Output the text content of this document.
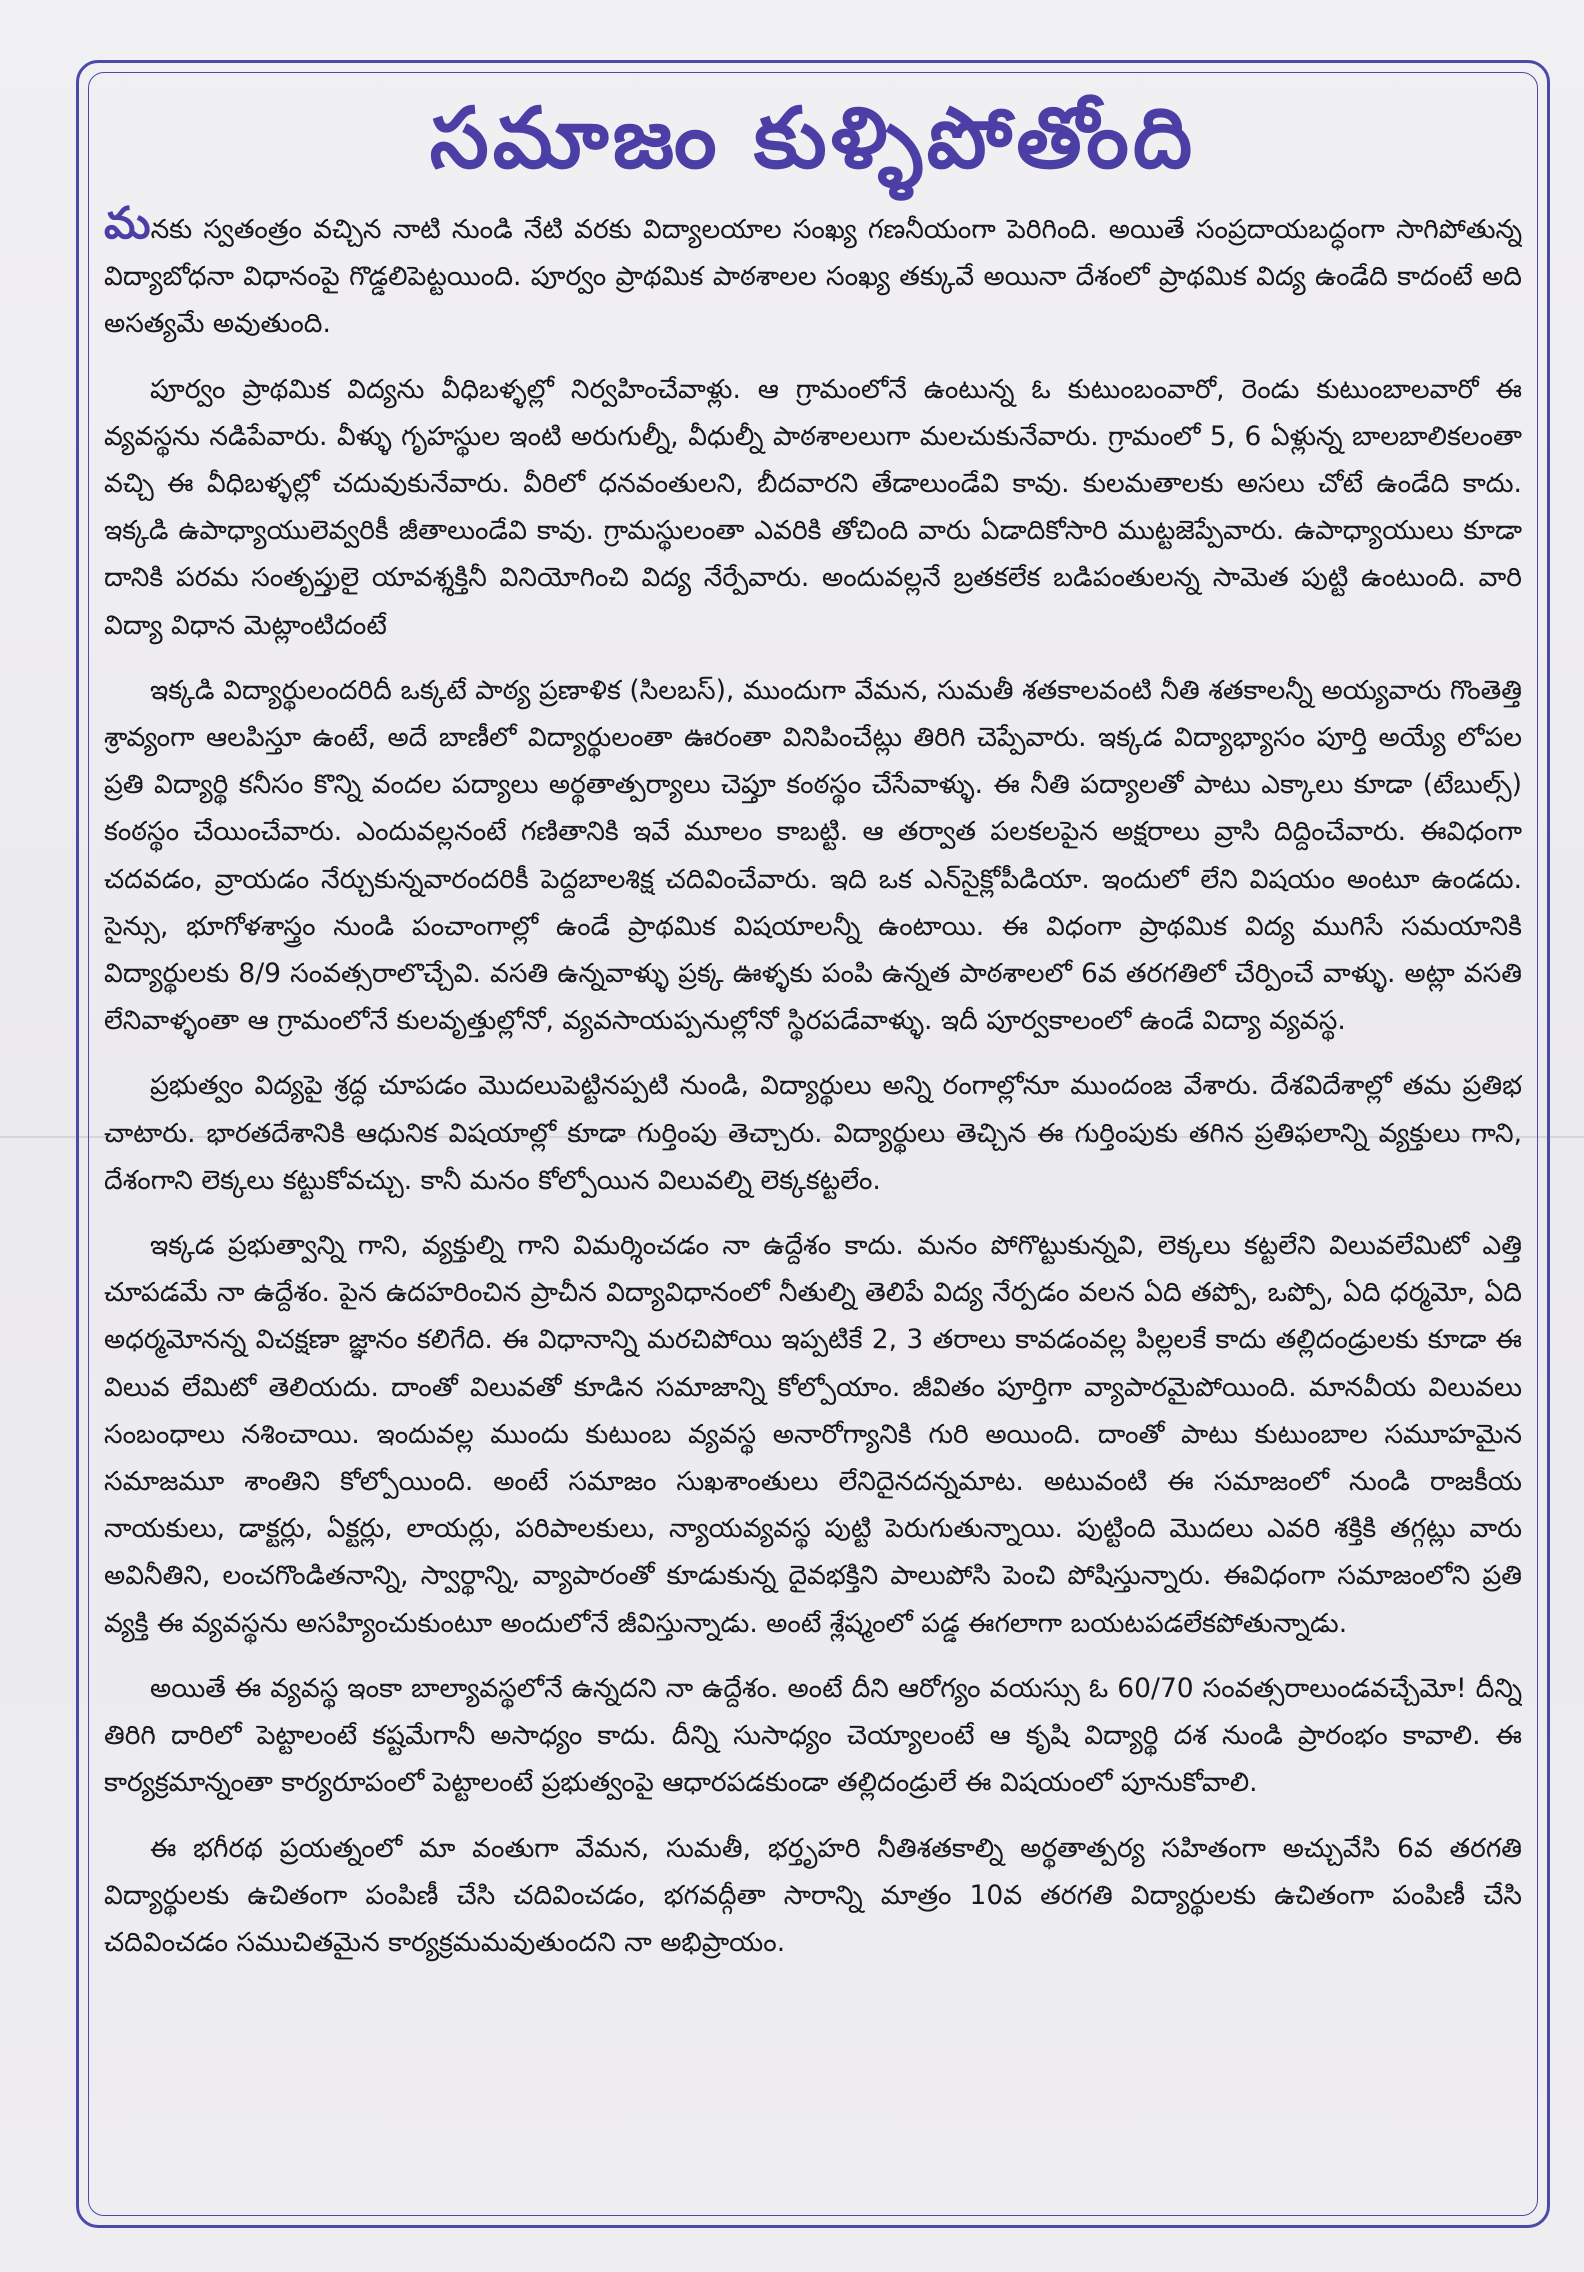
సమాజం కుళ్ళిపోతోంది

మనకు స్వతంత్రం వచ్చిన నాటి నుండి నేటి వరకు విద్యాలయాల సంఖ్య గణనీయంగా పెరిగింది. అయితే సంప్రదాయబద్ధంగా సాగిపోతున్న విద్యాబోధనా విధానంపై గొడ్డలిపెట్టయింది. పూర్వం ప్రాథమిక పాఠశాలల సంఖ్య తక్కువే అయినా దేశంలో ప్రాథమిక విద్య ఉండేది కాదంటే అది అసత్యమే అవుతుంది.

పూర్వం ప్రాథమిక విద్యను వీధిబళ్ళల్లో నిర్వహించేవాళ్లు. ఆ గ్రామంలోనే ఉంటున్న ఓ కుటుంబంవారో, రెండు కుటుంబాలవారో ఈ వ్యవస్థను నడిపేవారు. వీళ్ళు గృహస్థుల ఇంటి అరుగుల్నీ, వీధుల్నీ పాఠశాలలుగా మలచుకునేవారు. గ్రామంలో 5, 6 ఏళ్లున్న బాలబాలికలంతా వచ్చి ఈ వీధిబళ్ళల్లో చదువుకునేవారు. వీరిలో ధనవంతులని, బీదవారని తేడాలుండేవి కావు. కులమతాలకు అసలు చోటే ఉండేది కాదు. ఇక్కడి ఉపాధ్యాయులెవ్వరికీ జీతాలుండేవి కావు. గ్రామస్థులంతా ఎవరికి తోచింది వారు ఏడాదికోసారి ముట్టజెప్పేవారు. ఉపాధ్యాయులు కూడా దానికి పరమ సంతృప్తులై యావశ్శక్తినీ వినియోగించి విద్య నేర్పేవారు. అందువల్లనే బ్రతకలేక బడిపంతులన్న సామెత పుట్టి ఉంటుంది. వారి విద్యా విధాన మెట్లాంటిదంటే

ఇక్కడి విద్యార్థులందరిదీ ఒక్కటే పాఠ్య ప్రణాళిక (సిలబస్), ముందుగా వేమన, సుమతీ శతకాలవంటి నీతి శతకాలన్నీ అయ్యవారు గొంతెత్తి శ్రావ్యంగా ఆలపిస్తూ ఉంటే, అదే బాణీలో విద్యార్థులంతా ఊరంతా వినిపించేట్లు తిరిగి చెప్పేవారు. ఇక్కడ విద్యాభ్యాసం పూర్తి అయ్యే లోపల ప్రతి విద్యార్థి కనీసం కొన్ని వందల పద్యాలు అర్థతాత్పర్యాలు చెప్తూ కంఠస్థం చేసేవాళ్ళు. ఈ నీతి పద్యాలతో పాటు ఎక్కాలు కూడా (టేబుల్స్) కంఠస్థం చేయించేవారు. ఎందువల్లనంటే గణితానికి ఇవే మూలం కాబట్టి. ఆ తర్వాత పలకలపైన అక్షరాలు వ్రాసి దిద్దించేవారు. ఈవిధంగా చదవడం, వ్రాయడం నేర్చుకున్నవారందరికీ పెద్దబాలశిక్ష చదివించేవారు. ఇది ఒక ఎన్‌సైక్లోపీడియా. ఇందులో లేని విషయం అంటూ ఉండదు. సైన్సు, భూగోళశాస్త్రం నుండి పంచాంగాల్లో ఉండే ప్రాథమిక విషయాలన్నీ ఉంటాయి. ఈ విధంగా ప్రాథమిక విద్య ముగిసే సమయానికి విద్యార్థులకు 8/9 సంవత్సరాలొచ్చేవి. వసతి ఉన్నవాళ్ళు ప్రక్క ఊళ్ళకు పంపి ఉన్నత పాఠశాలలో 6వ తరగతిలో చేర్పించే వాళ్ళు. అట్లా వసతి లేనివాళ్ళంతా ఆ గ్రామంలోనే కులవృత్తుల్లోనో, వ్యవసాయప్పనుల్లోనో స్థిరపడేవాళ్ళు. ఇదీ పూర్వకాలంలో ఉండే విద్యా వ్యవస్థ.

ప్రభుత్వం విద్యపై శ్రద్ధ చూపడం మొదలుపెట్టినప్పటి నుండి, విద్యార్థులు అన్ని రంగాల్లోనూ ముందంజ వేశారు. దేశవిదేశాల్లో తమ ప్రతిభ చాటారు. భారతదేశానికి ఆధునిక విషయాల్లో కూడా గుర్తింపు తెచ్చారు. విద్యార్థులు తెచ్చిన ఈ గుర్తింపుకు తగిన ప్రతిఫలాన్ని వ్యక్తులు గాని, దేశంగాని లెక్కలు కట్టుకోవచ్చు. కానీ మనం కోల్పోయిన విలువల్ని లెక్కకట్టలేం.

ఇక్కడ ప్రభుత్వాన్ని గాని, వ్యక్తుల్ని గాని విమర్శించడం నా ఉద్దేశం కాదు. మనం పోగొట్టుకున్నవి, లెక్కలు కట్టలేని విలువలేమిటో ఎత్తి చూపడమే నా ఉద్దేశం. పైన ఉదహరించిన ప్రాచీన విద్యావిధానంలో నీతుల్ని తెలిపే విద్య నేర్పడం వలన ఏది తప్పో, ఒప్పో, ఏది ధర్మమో, ఏది అధర్మమోనన్న విచక్షణా జ్ఞానం కలిగేది. ఈ విధానాన్ని మరచిపోయి ఇప్పటికే 2, 3 తరాలు కావడంవల్ల పిల్లలకే కాదు తల్లిదండ్రులకు కూడా ఈ విలువ లేమిటో తెలియదు. దాంతో విలువతో కూడిన సమాజాన్ని కోల్పోయాం. జీవితం పూర్తిగా వ్యాపారమైపోయింది. మానవీయ విలువలు సంబంధాలు నశించాయి. ఇందువల్ల ముందు కుటుంబ వ్యవస్థ అనారోగ్యానికి గురి అయింది. దాంతో పాటు కుటుంబాల సమూహమైన సమాజమూ శాంతిని కోల్పోయింది. అంటే సమాజం సుఖశాంతులు లేనిదైనదన్నమాట. అటువంటి ఈ సమాజంలో నుండి రాజకీయ నాయకులు, డాక్టర్లు, ఏక్టర్లు, లాయర్లు, పరిపాలకులు, న్యాయవ్యవస్థ పుట్టి పెరుగుతున్నాయి. పుట్టింది మొదలు ఎవరి శక్తికి తగ్గట్లు వారు అవినీతిని, లంచగొండితనాన్ని, స్వార్థాన్ని, వ్యాపారంతో కూడుకున్న దైవభక్తిని పాలుపోసి పెంచి పోషిస్తున్నారు. ఈవిధంగా సమాజంలోని ప్రతి వ్యక్తి ఈ వ్యవస్థను అసహ్యించుకుంటూ అందులోనే జీవిస్తున్నాడు. అంటే శ్లేష్మంలో పడ్డ ఈగలాగా బయటపడలేకపోతున్నాడు.

అయితే ఈ వ్యవస్థ ఇంకా బాల్యావస్థలోనే ఉన్నదని నా ఉద్దేశం. అంటే దీని ఆరోగ్యం వయస్సు ఓ 60/70 సంవత్సరాలుండవచ్చేమో! దీన్ని తిరిగి దారిలో పెట్టాలంటే కష్టమేగానీ అసాధ్యం కాదు. దీన్ని సుసాధ్యం చెయ్యాలంటే ఆ కృషి విద్యార్థి దశ నుండి ప్రారంభం కావాలి. ఈ కార్యక్రమాన్నంతా కార్యరూపంలో పెట్టాలంటే ప్రభుత్వంపై ఆధారపడకుండా తల్లిదండ్రులే ఈ విషయంలో పూనుకోవాలి.

ఈ భగీరథ ప్రయత్నంలో మా వంతుగా వేమన, సుమతీ, భర్తృహరి నీతిశతకాల్ని అర్థతాత్పర్య సహితంగా అచ్చువేసి 6వ తరగతి విద్యార్థులకు ఉచితంగా పంపిణీ చేసి చదివించడం, భగవద్గీతా సారాన్ని మాత్రం 10వ తరగతి విద్యార్థులకు ఉచితంగా పంపిణీ చేసి చదివించడం సముచితమైన కార్యక్రమమవుతుందని నా అభిప్రాయం.
